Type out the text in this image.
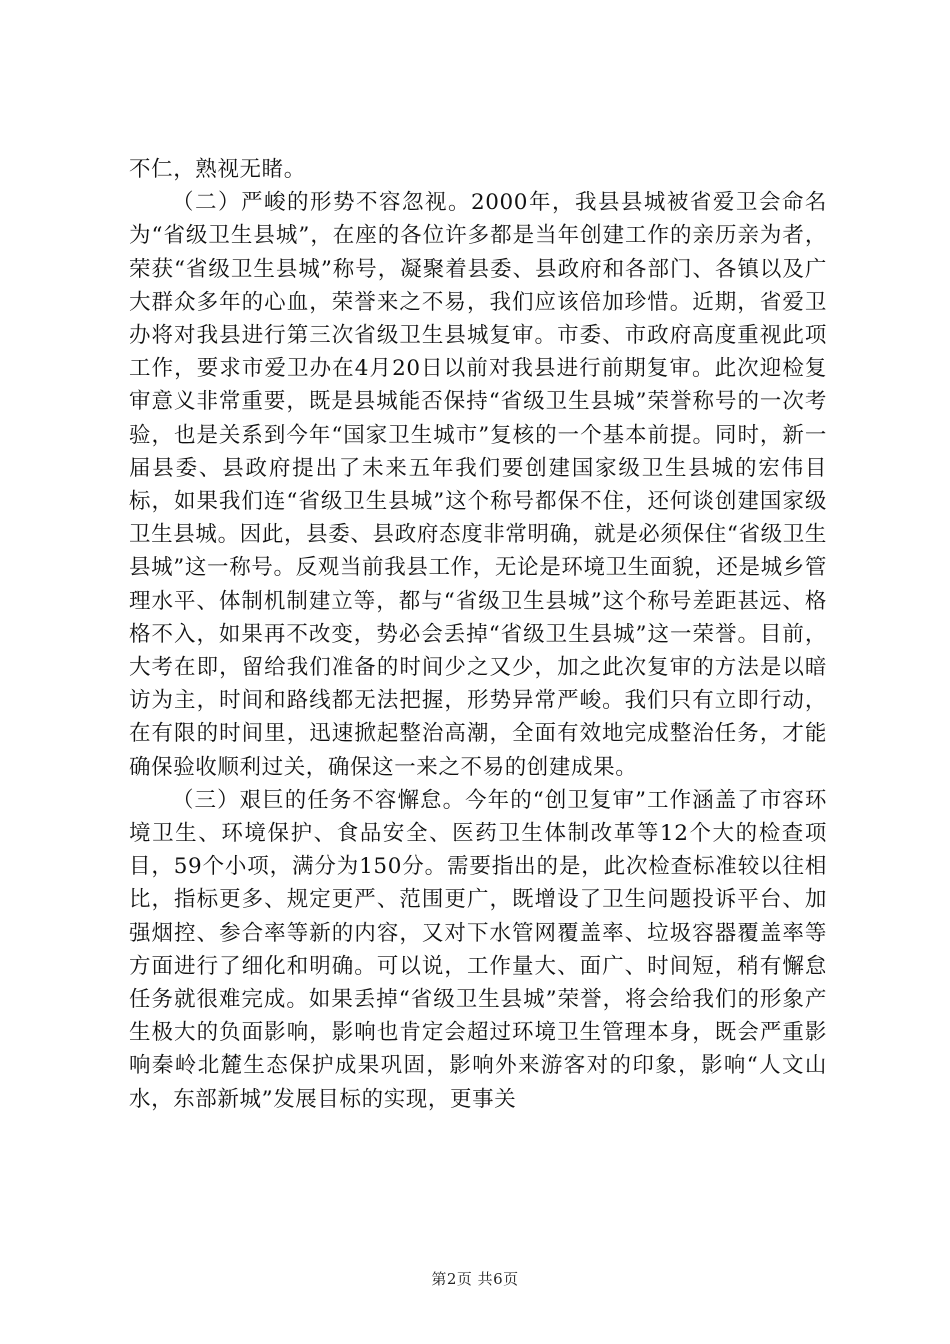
不仁，熟视无睹。

（二）严峻的形势不容忽视。2000年，我县县城被省爱卫会命名为“省级卫生县城”，在座的各位许多都是当年创建工作的亲历亲为者，荣获“省级卫生县城”称号，凝聚着县委、县政府和各部门、各镇以及广大群众多年的心血，荣誉来之不易，我们应该倍加珍惜。近期，省爱卫办将对我县进行第三次省级卫生县城复审。市委、市政府高度重视此项工作，要求市爱卫办在4月20日以前对我县进行前期复审。此次迎检复审意义非常重要，既是县城能否保持“省级卫生县城”荣誉称号的一次考验，也是关系到今年“国家卫生城市”复核的一个基本前提。同时，新一届县委、县政府提出了未来五年我们要创建国家级卫生县城的宏伟目标，如果我们连“省级卫生县城”这个称号都保不住，还何谈创建国家级卫生县城。因此，县委、县政府态度非常明确，就是必须保住“省级卫生县城”这一称号。反观当前我县工作，无论是环境卫生面貌，还是城乡管理水平、体制机制建立等，都与“省级卫生县城”这个称号差距甚远、格格不入，如果再不改变，势必会丢掉“省级卫生县城”这一荣誉。目前，大考在即，留给我们准备的时间少之又少，加之此次复审的方法是以暗访为主，时间和路线都无法把握，形势异常严峻。我们只有立即行动，在有限的时间里，迅速掀起整治高潮，全面有效地完成整治任务，才能确保验收顺利过关，确保这一来之不易的创建成果。

（三）艰巨的任务不容懈怠。今年的“创卫复审”工作涵盖了市容环境卫生、环境保护、食品安全、医药卫生体制改革等12个大的检查项目，59个小项，满分为150分。需要指出的是，此次检查标准较以往相比，指标更多、规定更严、范围更广，既增设了卫生问题投诉平台、加强烟控、参合率等新的内容，又对下水管网覆盖率、垃圾容器覆盖率等方面进行了细化和明确。可以说，工作量大、面广、时间短，稍有懈怠任务就很难完成。如果丢掉“省级卫生县城”荣誉，将会给我们的形象产生极大的负面影响，影响也肯定会超过环境卫生管理本身，既会严重影响秦岭北麓生态保护成果巩固，影响外来游客对的印象，影响“人文山水，东部新城”发展目标的实现，更事关

第2页 共6页
